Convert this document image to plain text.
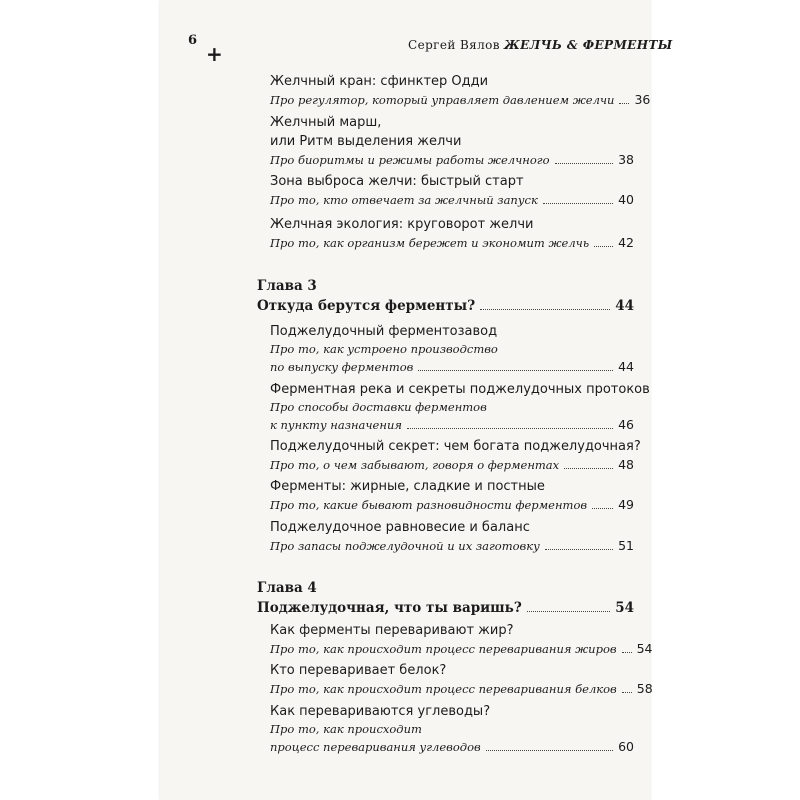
6
+	Сергей Вялов ЖЕЛЧЬ & ФЕРМЕНТЫ
Желчный кран: сфинктер Одди
Про регулятор, который управляет давлением желчи 36
Желчный марш,
или Ритм выделения желчи
Про биоритмы и режимы работы желчного	38
Зона выброса желчи: быстрый старт
Про то, кто отвечает за желчный запуск	40
Желчная экология: круговорот желчи
Про то, как организм бережет и экономит желчь 42
Глава 3
Откуда берутся ферменты?	44
Поджелудочный ферментозавод
Про то, как устроено производство
по выпуску ферментов	44
Ферментная река и секреты поджелудочных протоков
Про способы доставки ферментов
к пункту назначения	46
Поджелудочный секрет: чем богата поджелудочная?
Про то, о чем забывают, говоря о ферментах	48
Ферменты: жирные, сладкие и постные
Про то, какие бывают разновидности ферментов 49
Поджелудочное равновесие и баланс
Про запасы поджелудочной и их заготовку	51
Глава 4
Поджелудочная, что ты варишь?	54
Как ферменты переваривают жир?
Про то, как происходит процесс переваривания жиров 54
Кто переваривает белок?
Про то, как происходит процесс переваривания белков 58
Как перевариваются углеводы?
Про то, как происходит
процесс переваривания углеводов	60
